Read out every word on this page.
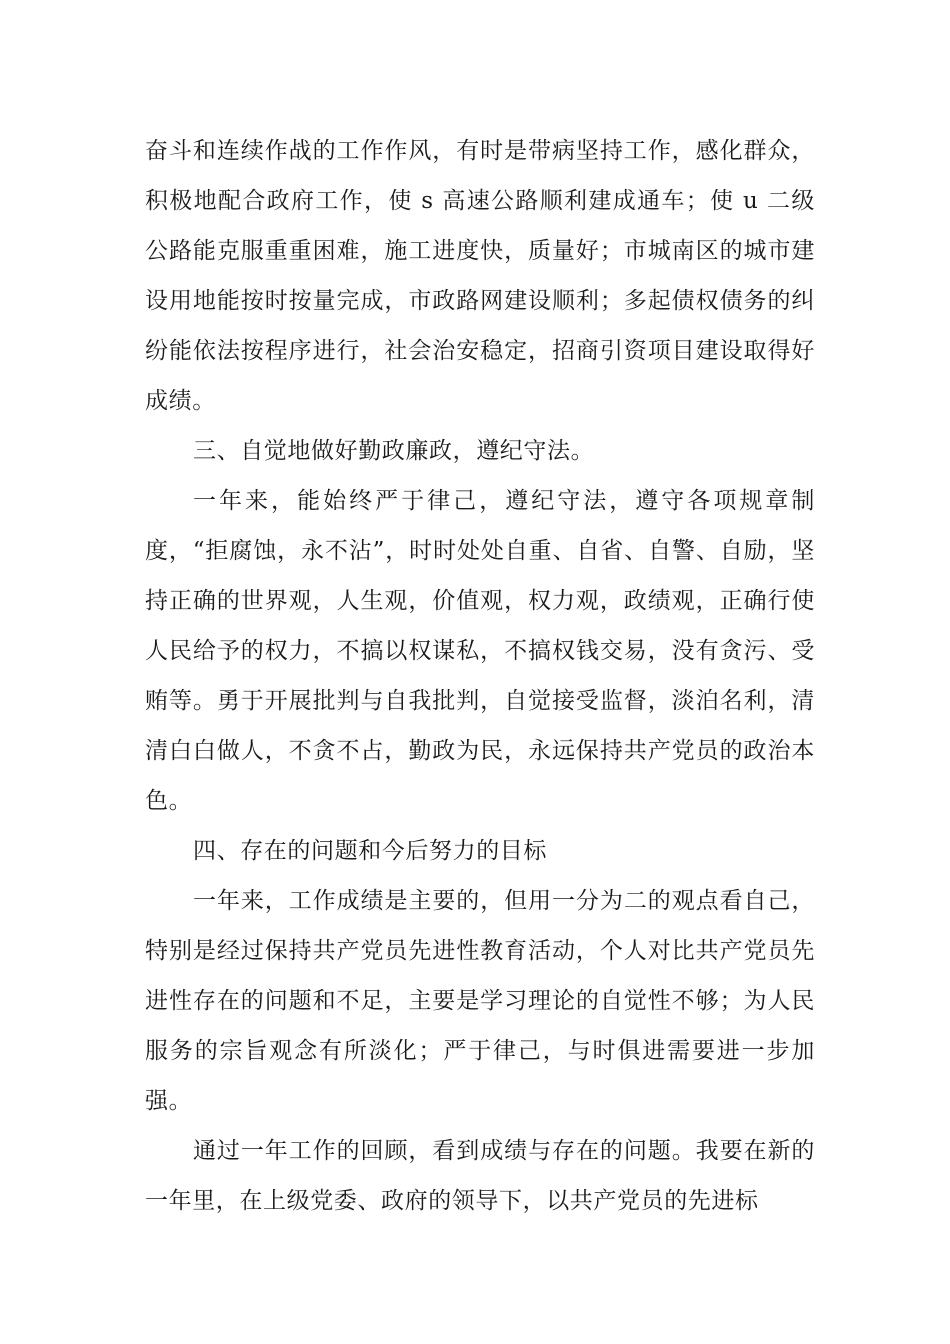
奋斗和连续作战的工作作风，有时是带病坚持工作，感化群众，积极地配合政府工作，使 s 高速公路顺利建成通车；使 u 二级公路能克服重重困难，施工进度快，质量好；市城南区的城市建设用地能按时按量完成，市政路网建设顺利；多起债权债务的纠纷能依法按程序进行，社会治安稳定，招商引资项目建设取得好成绩。

三、自觉地做好勤政廉政，遵纪守法。

一年来，能始终严于律己，遵纪守法，遵守各项规章制度，“拒腐蚀，永不沾”，时时处处自重、自省、自警、自励，坚持正确的世界观，人生观，价值观，权力观，政绩观，正确行使人民给予的权力，不搞以权谋私，不搞权钱交易，没有贪污、受贿等。勇于开展批判与自我批判，自觉接受监督，淡泊名利，清清白白做人，不贪不占，勤政为民，永远保持共产党员的政治本色。

四、存在的问题和今后努力的目标

一年来，工作成绩是主要的，但用一分为二的观点看自己，特别是经过保持共产党员先进性教育活动，个人对比共产党员先进性存在的问题和不足，主要是学习理论的自觉性不够；为人民服务的宗旨观念有所淡化；严于律己，与时俱进需要进一步加强。

通过一年工作的回顾，看到成绩与存在的问题。我要在新的一年里，在上级党委、政府的领导下，以共产党员的先进标
